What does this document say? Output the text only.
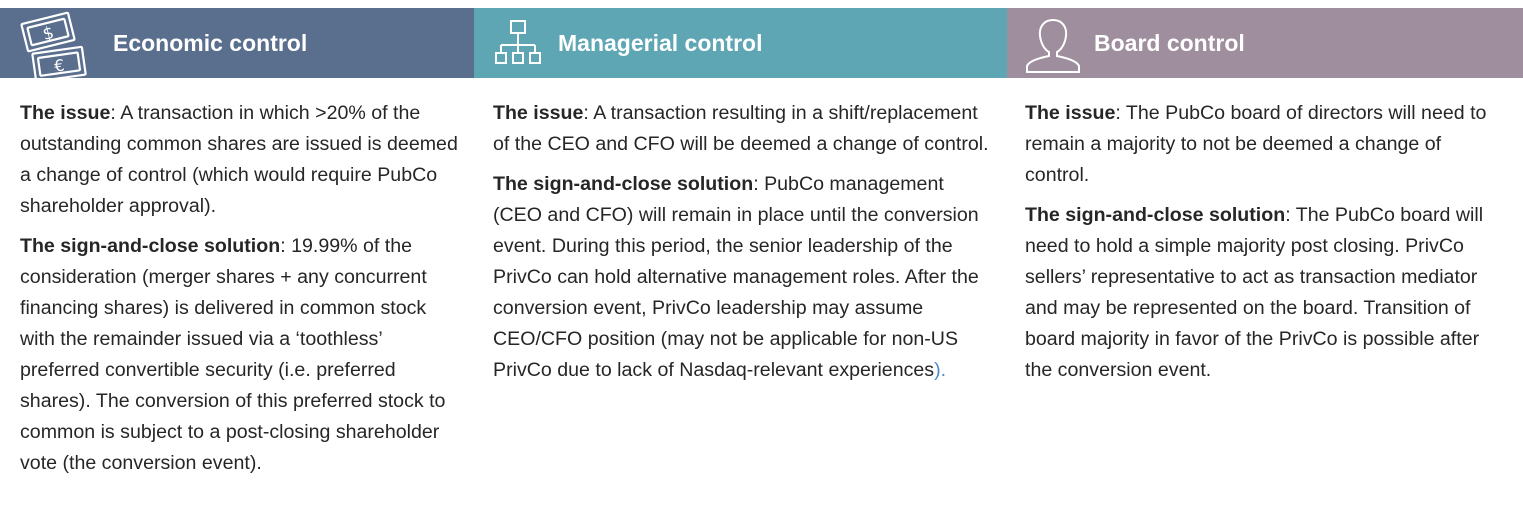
$
€
Economic control

The issue: A transaction in which >20% of the outstanding common shares are issued is deemed a change of control (which would require PubCo shareholder approval).

The sign-and-close solution: 19.99% of the consideration (merger shares + any concurrent financing shares) is delivered in common stock with the remainder issued via a ‘toothless’ preferred convertible security (i.e. preferred shares). The conversion of this preferred stock to common is subject to a post-closing shareholder vote (the conversion event).

Managerial control

The issue: A transaction resulting in a shift/replacement of the CEO and CFO will be deemed a change of control.

The sign-and-close solution: PubCo management (CEO and CFO) will remain in place until the conversion event. During this period, the senior leadership of the PrivCo can hold alternative management roles. After the conversion event, PrivCo leadership may assume CEO/CFO position (may not be applicable for non-US PrivCo due to lack of Nasdaq-relevant experiences).

Board control

The issue: The PubCo board of directors will need to remain a majority to not be deemed a change of control.

The sign-and-close solution: The PubCo board will need to hold a simple majority post closing. PrivCo sellers’ representative to act as transaction mediator and may be represented on the board. Transition of board majority in favor of the PrivCo is possible after the conversion event.
